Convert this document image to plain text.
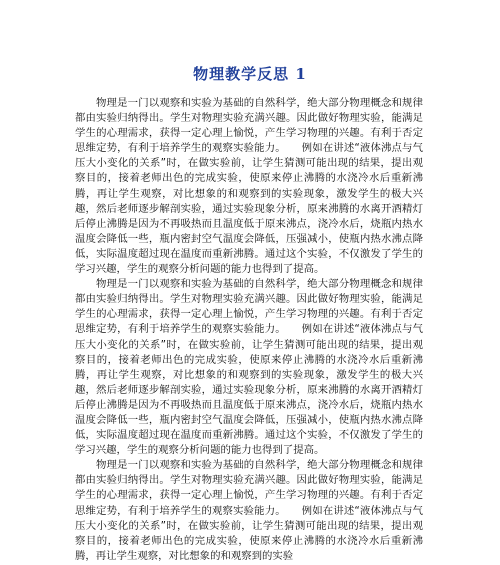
物理教学反思 1

物理是一门以观察和实验为基础的自然科学，绝大部分物理概念和规律都由实验归纳得出。学生对物理实验充满兴趣。因此做好物理实验，能满足学生的心理需求，获得一定心理上愉悦，产生学习物理的兴趣。有利于否定思维定势，有利于培养学生的观察实验能力。　　例如在讲述“液体沸点与气压大小变化的关系”时，在做实验前，让学生猜测可能出现的结果，提出观察目的，接着老师出色的完成实验，使原来停止沸腾的水浇冷水后重新沸腾，再让学生观察，对比想象的和观察到的实验现象，激发学生的极大兴趣，然后老师逐步解剖实验，通过实验现象分析，原来沸腾的水离开酒精灯后停止沸腾是因为不再吸热而且温度低于原来沸点，浇冷水后，烧瓶内热水温度会降低一些，瓶内密封空气温度会降低，压强减小，使瓶内热水沸点降低，实际温度超过现在温度而重新沸腾。通过这个实验，不仅激发了学生的学习兴趣，学生的观察分析问题的能力也得到了提高。

物理是一门以观察和实验为基础的自然科学，绝大部分物理概念和规律都由实验归纳得出。学生对物理实验充满兴趣。因此做好物理实验，能满足学生的心理需求，获得一定心理上愉悦，产生学习物理的兴趣。有利于否定思维定势，有利于培养学生的观察实验能力。　　例如在讲述“液体沸点与气压大小变化的关系”时，在做实验前，让学生猜测可能出现的结果，提出观察目的，接着老师出色的完成实验，使原来停止沸腾的水浇冷水后重新沸腾，再让学生观察，对比想象的和观察到的实验现象，激发学生的极大兴趣，然后老师逐步解剖实验，通过实验现象分析，原来沸腾的水离开酒精灯后停止沸腾是因为不再吸热而且温度低于原来沸点，浇冷水后，烧瓶内热水温度会降低一些，瓶内密封空气温度会降低，压强减小，使瓶内热水沸点降低，实际温度超过现在温度而重新沸腾。通过这个实验，不仅激发了学生的学习兴趣，学生的观察分析问题的能力也得到了提高。

物理是一门以观察和实验为基础的自然科学，绝大部分物理概念和规律都由实验归纳得出。学生对物理实验充满兴趣。因此做好物理实验，能满足学生的心理需求，获得一定心理上愉悦，产生学习物理的兴趣。有利于否定思维定势，有利于培养学生的观察实验能力。　　例如在讲述“液体沸点与气压大小变化的关系”时，在做实验前，让学生猜测可能出现的结果，提出观察目的，接着老师出色的完成实验，使原来停止沸腾的水浇冷水后重新沸腾，再让学生观察，对比想象的和观察到的实验
